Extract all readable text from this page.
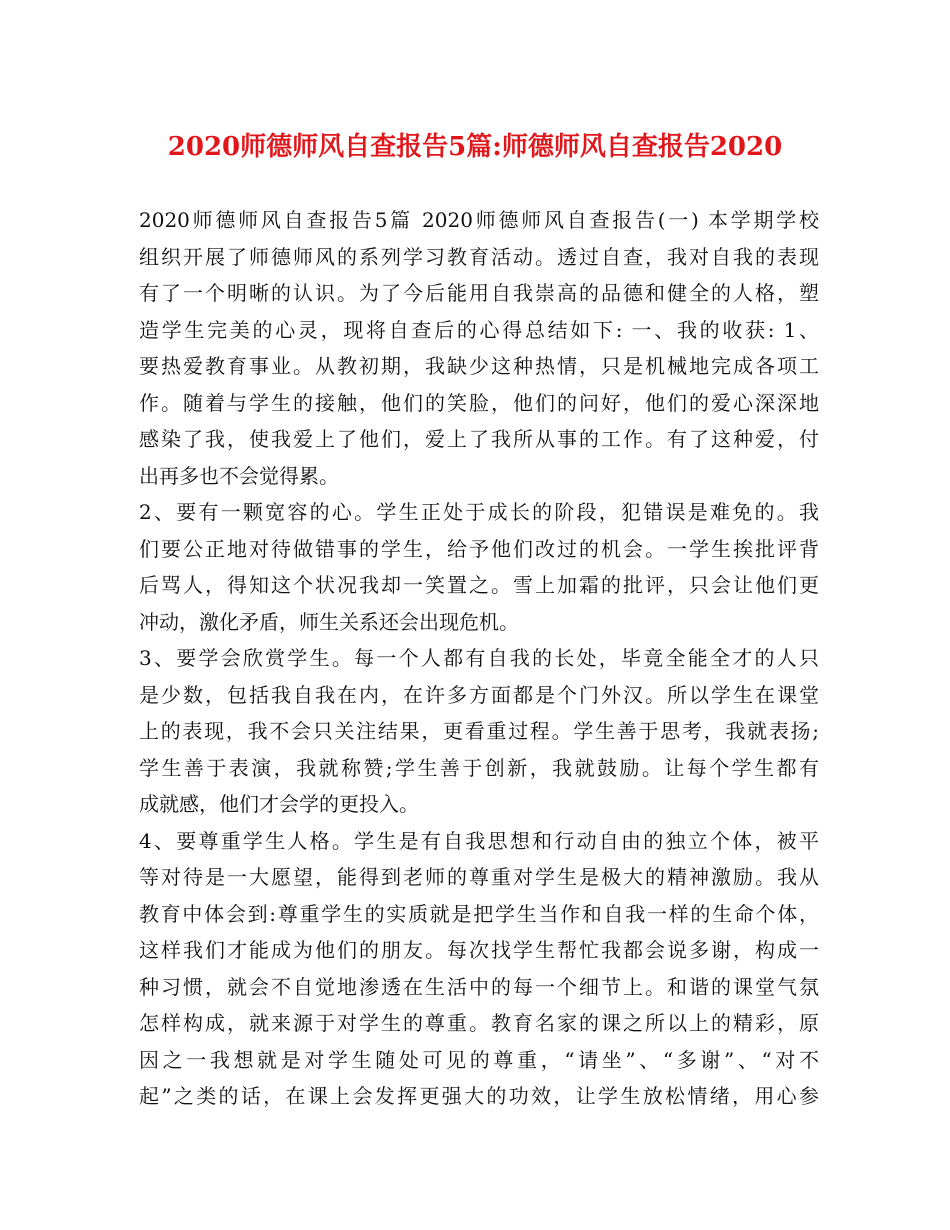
2020师德师风自查报告5篇:师德师风自查报告2020
2020师德师风自查报告5篇 2020师德师风自查报告(一) 本学期学校
组织开展了师德师风的系列学习教育活动。透过自查，我对自我的表现
有了一个明晰的认识。为了今后能用自我崇高的品德和健全的人格，塑
造学生完美的心灵，现将自查后的心得总结如下: 一、我的收获: 1、
要热爱教育事业。从教初期，我缺少这种热情，只是机械地完成各项工
作。随着与学生的接触，他们的笑脸，他们的问好，他们的爱心深深地
感染了我，使我爱上了他们，爱上了我所从事的工作。有了这种爱，付
出再多也不会觉得累。
2、要有一颗宽容的心。学生正处于成长的阶段，犯错误是难免的。我
们要公正地对待做错事的学生，给予他们改过的机会。一学生挨批评背
后骂人，得知这个状况我却一笑置之。雪上加霜的批评，只会让他们更
冲动，激化矛盾，师生关系还会出现危机。
3、要学会欣赏学生。每一个人都有自我的长处，毕竟全能全才的人只
是少数，包括我自我在内，在许多方面都是个门外汉。所以学生在课堂
上的表现，我不会只关注结果，更看重过程。学生善于思考，我就表扬;
学生善于表演，我就称赞;学生善于创新，我就鼓励。让每个学生都有
成就感，他们才会学的更投入。
4、要尊重学生人格。学生是有自我思想和行动自由的独立个体，被平
等对待是一大愿望，能得到老师的尊重对学生是极大的精神激励。我从
教育中体会到:尊重学生的实质就是把学生当作和自我一样的生命个体，
这样我们才能成为他们的朋友。每次找学生帮忙我都会说多谢，构成一
种习惯，就会不自觉地渗透在生活中的每一个细节上。和谐的课堂气氛
怎样构成，就来源于对学生的尊重。教育名家的课之所以上的精彩，原
因之一我想就是对学生随处可见的尊重，“请坐”、“多谢”、“对不
起”之类的话，在课上会发挥更强大的功效，让学生放松情绪，用心参
